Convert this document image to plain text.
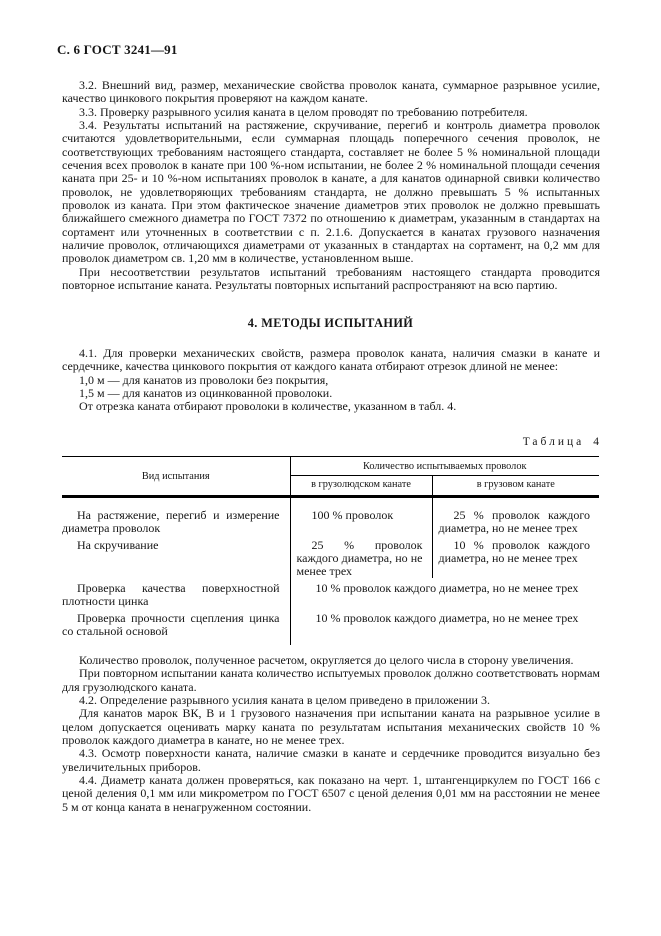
С. 6 ГОСТ 3241—91

3.2. Внешний вид, размер, механические свойства проволок каната, суммарное разрывное усилие, качество цинкового покрытия проверяют на каждом канате.

3.3. Проверку разрывного усилия каната в целом проводят по требованию потребителя.

3.4. Результаты испытаний на растяжение, скручивание, перегиб и контроль диаметра проволок считаются удовлетворительными, если суммарная площадь поперечного сечения проволок, не соответствующих требованиям настоящего стандарта, составляет не более 5 % номинальной площади сечения всех проволок в канате при 100 %-ном испытании, не более 2 % номинальной площади сечения каната при 25- и 10 %-ном испытаниях проволок в канате, а для канатов одинарной свивки количество проволок, не удовлетворяющих требованиям стандарта, не должно превышать 5 % испытанных проволок из каната. При этом фактическое значение диаметров этих проволок не должно превышать ближайшего смежного диаметра по ГОСТ 7372 по отношению к диаметрам, указанным в стандартах на сортамент или уточненных в соответствии с п. 2.1.6. Допускается в канатах грузового назначения наличие проволок, отличающихся диаметрами от указанных в стандартах на сортамент, на 0,2 мм для проволок диаметром св. 1,20 мм в количестве, установленном выше.

При несоответствии результатов испытаний требованиям настоящего стандарта проводится повторное испытание каната. Результаты повторных испытаний распространяют на всю партию.

4. МЕТОДЫ ИСПЫТАНИЙ

4.1. Для проверки механических свойств, размера проволок каната, наличия смазки в канате и сердечнике, качества цинкового покрытия от каждого каната отбирают отрезок длиной не менее:

1,0 м — для канатов из проволоки без покрытия,

1,5 м — для канатов из оцинкованной проволоки.

От отрезка каната отбирают проволоки в количестве, указанном в табл. 4.

Таблица 4
Вид испытания	Количество испытываемых проволок	
	в грузолюдском канате	в грузовом канате
На растяжение, перегиб и измерение диаметра проволок	100 % проволок	25 % проволок каждого диаметра, но не менее трех
На скручивание	25 % проволок каждого диаметра, но не менее трех	10 % проволок каждого диаметра, но не менее трех
Проверка качества поверхностной плотности цинка	10 % проволок каждого диаметра, но не менее трех	
Проверка прочности сцепления цинка со стальной основой	10 % проволок каждого диаметра, но не менее трех	

Количество проволок, полученное расчетом, округляется до целого числа в сторону увеличения.

При повторном испытании каната количество испытуемых проволок должно соответствовать нормам для грузолюдского каната.

4.2. Определение разрывного усилия каната в целом приведено в приложении 3.

Для канатов марок ВК, В и 1 грузового назначения при испытании каната на разрывное усилие в целом допускается оценивать марку каната по результатам испытания механических свойств 10 % проволок каждого диаметра в канате, но не менее трех.

4.3. Осмотр поверхности каната, наличие смазки в канате и сердечнике проводится визуально без увеличительных приборов.

4.4. Диаметр каната должен проверяться, как показано на черт. 1, штангенциркулем по ГОСТ 166 с ценой деления 0,1 мм или микрометром по ГОСТ 6507 с ценой деления 0,01 мм на расстоянии не менее 5 м от конца каната в ненагруженном состоянии.
